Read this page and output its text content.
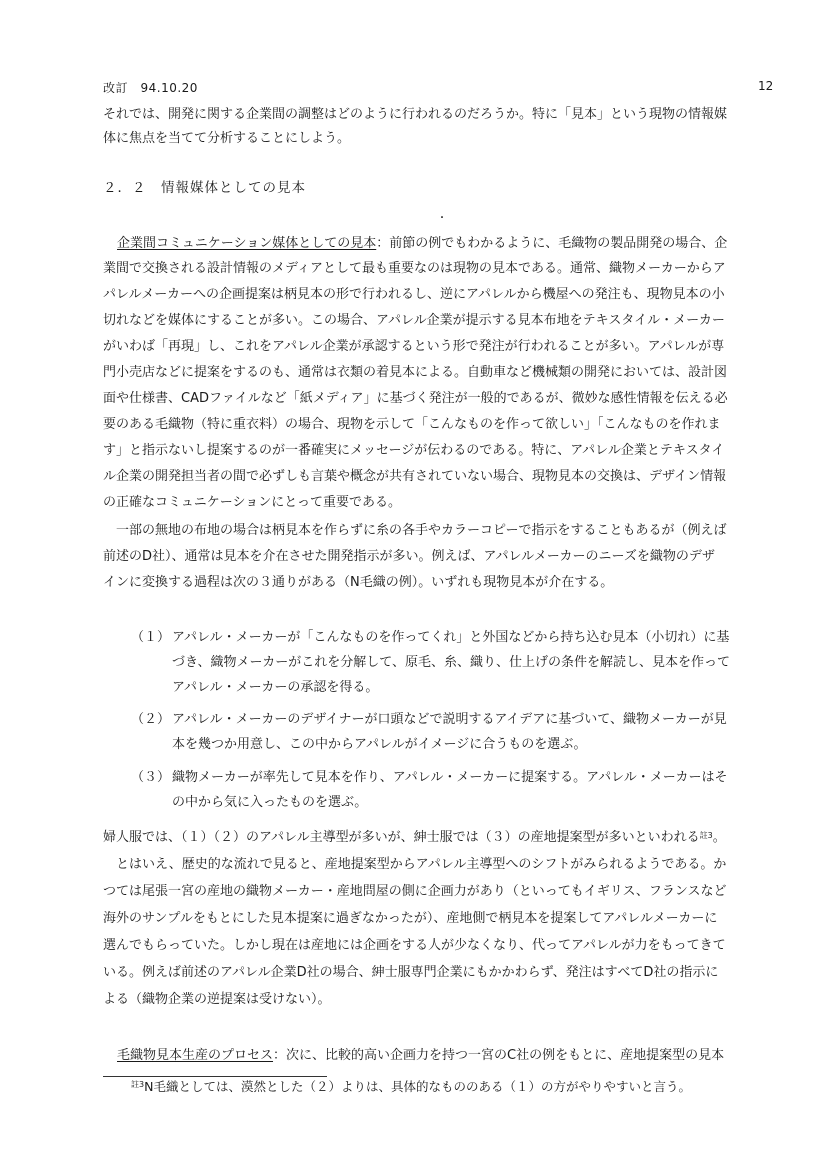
改訂　94.10.20	12
それでは、開発に関する企業間の調整はどのように行われるのだろうか。特に「見本」という現物の情報媒
体に焦点を当てて分析することにしよう。
２．２　情報媒体としての見本
・
企業間コミュニケーション媒体としての見本：前節の例でもわかるように、毛織物の製品開発の場合、企
業間で交換される設計情報のメディアとして最も重要なのは現物の見本である。通常、織物メーカーからア
パレルメーカーへの企画提案は柄見本の形で行われるし、逆にアパレルから機屋への発注も、現物見本の小
切れなどを媒体にすることが多い。この場合、アパレル企業が提示する見本布地をテキスタイル・メーカー
がいわば「再現」し、これをアパレル企業が承認するという形で発注が行われることが多い。アパレルが専
門小売店などに提案をするのも、通常は衣類の着見本による。自動車など機械類の開発においては、設計図
面や仕様書、CADファイルなど「紙メディア」に基づく発注が一般的であるが、微妙な感性情報を伝える必
要のある毛織物（特に重衣料）の場合、現物を示して「こんなものを作って欲しい」「こんなものを作れま
す」と指示ないし提案するのが一番確実にメッセージが伝わるのである。特に、アパレル企業とテキスタイ
ル企業の開発担当者の間で必ずしも言葉や概念が共有されていない場合、現物見本の交換は、デザイン情報
の正確なコミュニケーションにとって重要である。
　一部の無地の布地の場合は柄見本を作らずに糸の各手やカラーコピーで指示をすることもあるが（例えば
前述のD社）、通常は見本を介在させた開発指示が多い。例えば、アパレルメーカーのニーズを織物のデザ
インに変換する過程は次の３通りがある（N毛織の例）。いずれも現物見本が介在する。
（１） アパレル・メーカーが「こんなものを作ってくれ」と外国などから持ち込む見本（小切れ）に基
づき、織物メーカーがこれを分解して、原毛、糸、織り、仕上げの条件を解読し、見本を作って
アパレル・メーカーの承認を得る。
（２） アパレル・メーカーのデザイナーが口頭などで説明するアイデアに基づいて、織物メーカーが見
本を幾つか用意し、この中からアパレルがイメージに合うものを選ぶ。
（３） 織物メーカーが率先して見本を作り、アパレル・メーカーに提案する。アパレル・メーカーはそ
の中から気に入ったものを選ぶ。
婦人服では、（１）（２）のアパレル主導型が多いが、紳士服では（３）の産地提案型が多いといわれる$^{註3}$。
　とはいえ、歴史的な流れで見ると、産地提案型からアパレル主導型へのシフトがみられるようである。か
つては尾張一宮の産地の織物メーカー・産地問屋の側に企画力があり（といってもイギリス、フランスなど
海外のサンプルをもとにした見本提案に過ぎなかったが）、産地側で柄見本を提案してアパレルメーカーに
選んでもらっていた。しかし現在は産地には企画をする人が少なくなり、代ってアパレルが力をもってきて
いる。例えば前述のアパレル企業D社の場合、紳士服専門企業にもかかわらず、発注はすべてD社の指示に
よる（織物企業の逆提案は受けない）。
毛織物見本生産のプロセス：次に、比較的高い企画力を持つ一宮のC社の例をもとに、産地提案型の見本
$^{註3}$N毛織としては、漠然とした（２）よりは、具体的なもののある（１）の方がやりやすいと言う。
